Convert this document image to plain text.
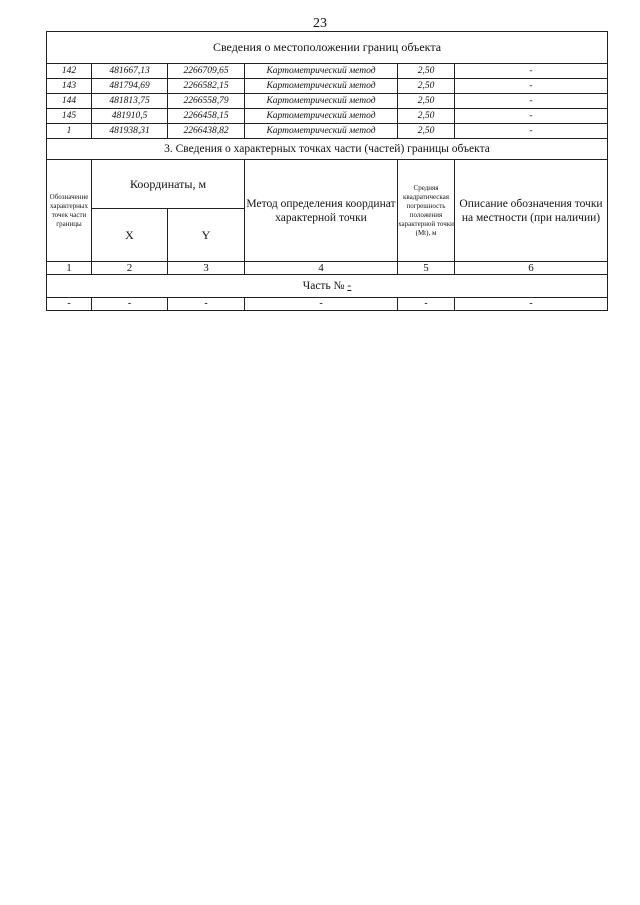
23
Сведения о местоположении границ объекта					
142	481667,13	2266709,65	Картометрический метод	2,50	-
143	481794,69	2266582,15	Картометрический метод	2,50	-
144	481813,75	2266558,79	Картометрический метод	2,50	-
145	481910,5	2266458,15	Картометрический метод	2,50	-
1	481938,31	2266438,82	Картометрический метод	2,50	-
3. Сведения о характерных точках части (частей) границы объекта					
Обозначение характерных точек части границы	Координаты, м		Метод определения координат характерной точки	Средняя квадратическая погрешность положения характерной точки (Мt), м	Описание обозначения точки на местности (при наличии)
	X	Y			
1	2	3	4	5	6
Часть № -					
-	-	-	-	-	-
